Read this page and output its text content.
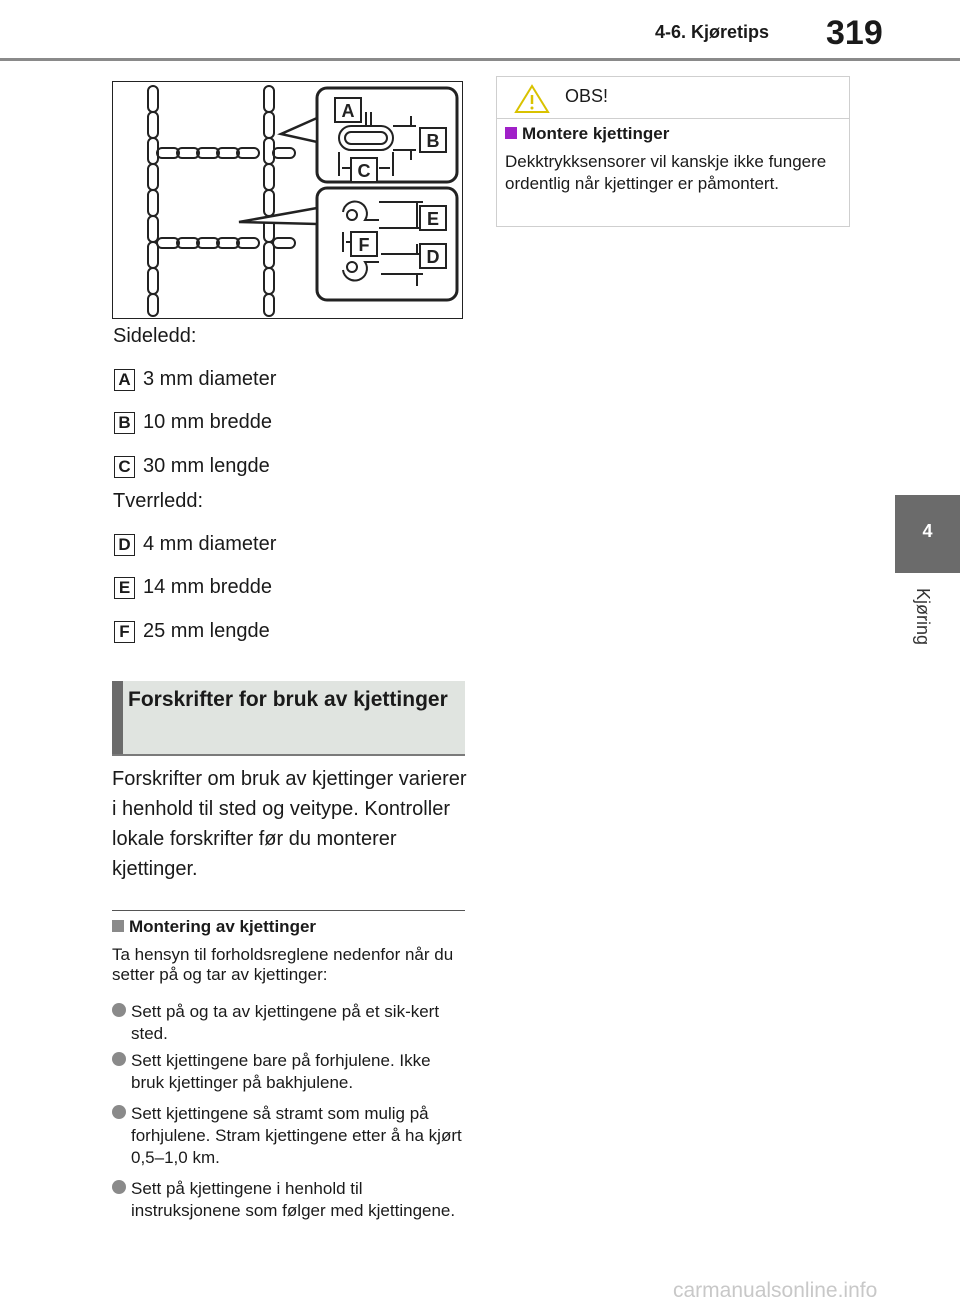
4-6. Kjøretips 319
4
Kjøring
A
B
C
E
F
D
Sideledd:
A 3 mm diameter
B 10 mm bredde
C 30 mm lengde
Tverrledd:
D 4 mm diameter
E 14 mm bredde
F 25 mm lengde
Forskrifter for bruk av kjettinger
Forskrifter om bruk av kjettinger varierer i henhold til sted og veitype. Kontroller lokale forskrifter før du monterer kjettinger.
Montering av kjettinger
Ta hensyn til forholdsreglene nedenfor når du setter på og tar av kjettinger:
Sett på og ta av kjettingene på et sik-kert sted.
Sett kjettingene bare på forhjulene. Ikke bruk kjettinger på bakhjulene.
Sett kjettingene så stramt som mulig på forhjulene. Stram kjettingene etter å ha kjørt 0,5–1,0 km.
Sett på kjettingene i henhold til instruksjonene som følger med kjettingene.
OBS!
Montere kjettinger
Dekktrykksensorer vil kanskje ikke fungere ordentlig når kjettinger er påmontert.
carmanualsonline.info
